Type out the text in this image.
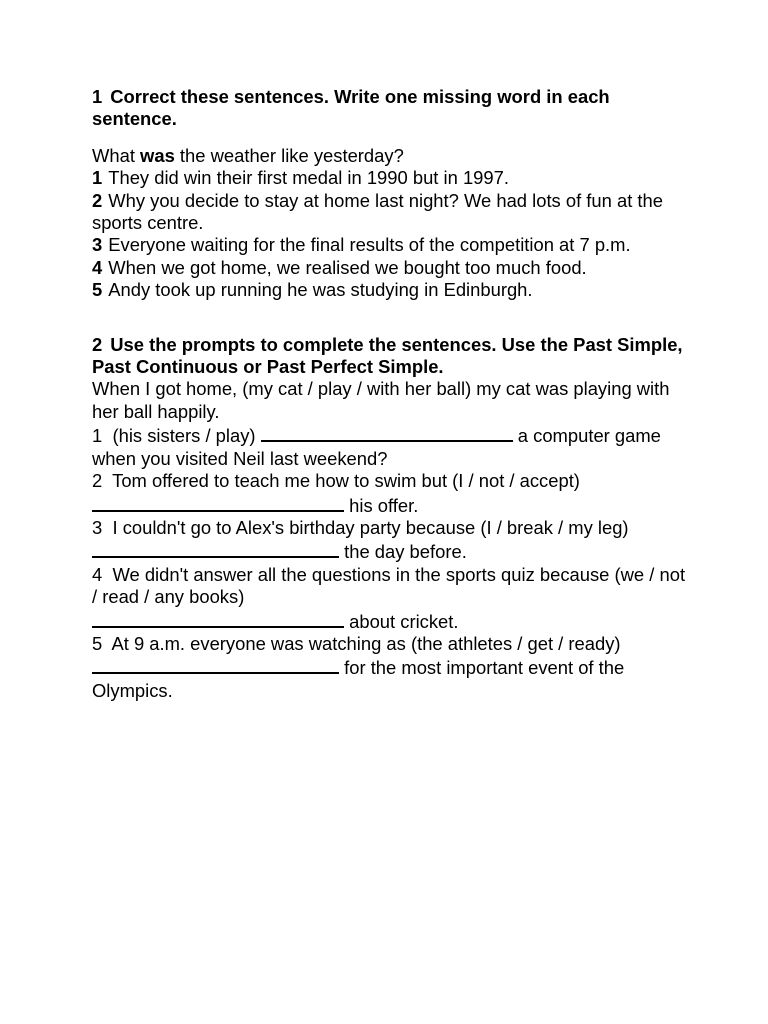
1 Correct these sentences. Write one missing word in each sentence.

What was the weather like yesterday?

1 They did win their first medal in 1990 but in 1997.

2 Why you decide to stay at home last night? We had lots of fun at the sports centre.

3 Everyone waiting for the final results of the competition at 7 p.m.

4 When we got home, we realised we bought too much food.

5 Andy took up running he was studying in Edinburgh.

2 Use the prompts to complete the sentences. Use the Past Simple, Past Continuous or Past Perfect Simple.

When I got home, (my cat / play / with her ball) my cat was playing with her ball happily.

1 (his sisters / play)	a computer game when you visited Neil last weekend?

2 Tom offered to teach me how to swim but (I / not / accept)
his offer.

3 I couldn't go to Alex's birthday party because (I / break / my leg) the day before.

4 We didn't answer all the questions in the sports quiz because (we / not / read / any books)
about cricket.

5 At 9 a.m. everyone was watching as (the athletes / get / ready)  for the most important event of the Olympics.
